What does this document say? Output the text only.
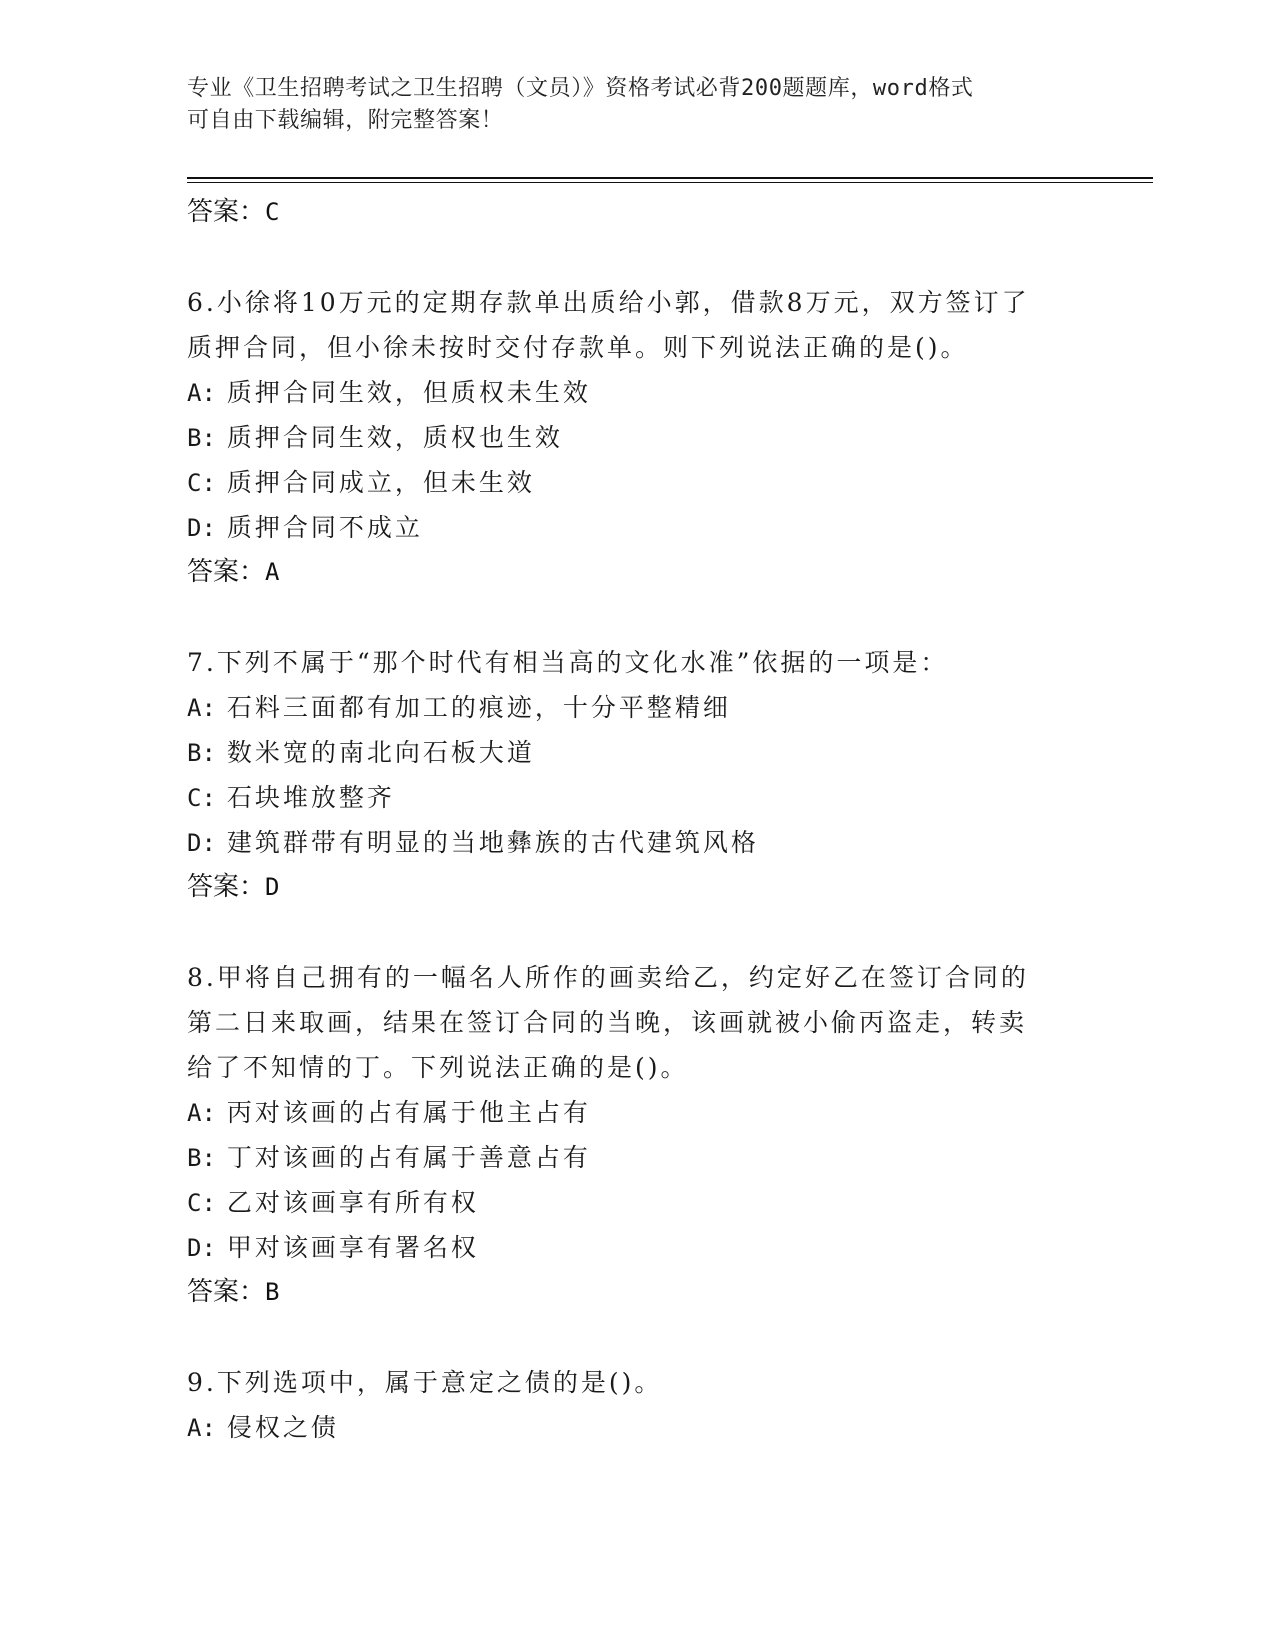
专业《卫生招聘考试之卫生招聘（文员）》资格考试必背200题题库，word格式
可自由下载编辑，附完整答案！
答案：C
6.小徐将10万元的定期存款单出质给小郭，借款8万元，双方签订了
质押合同，但小徐未按时交付存款单。则下列说法正确的是()。
A: 质押合同生效，但质权未生效
B: 质押合同生效，质权也生效
C: 质押合同成立，但未生效
D: 质押合同不成立
答案：A
7.下列不属于“那个时代有相当高的文化水准”依据的一项是：
A: 石料三面都有加工的痕迹，十分平整精细
B: 数米宽的南北向石板大道
C: 石块堆放整齐
D: 建筑群带有明显的当地彝族的古代建筑风格
答案：D
8.甲将自己拥有的一幅名人所作的画卖给乙，约定好乙在签订合同的
第二日来取画，结果在签订合同的当晚，该画就被小偷丙盗走，转卖
给了不知情的丁。下列说法正确的是()。
A: 丙对该画的占有属于他主占有
B: 丁对该画的占有属于善意占有
C: 乙对该画享有所有权
D: 甲对该画享有署名权
答案：B
9.下列选项中，属于意定之债的是()。
A: 侵权之债
